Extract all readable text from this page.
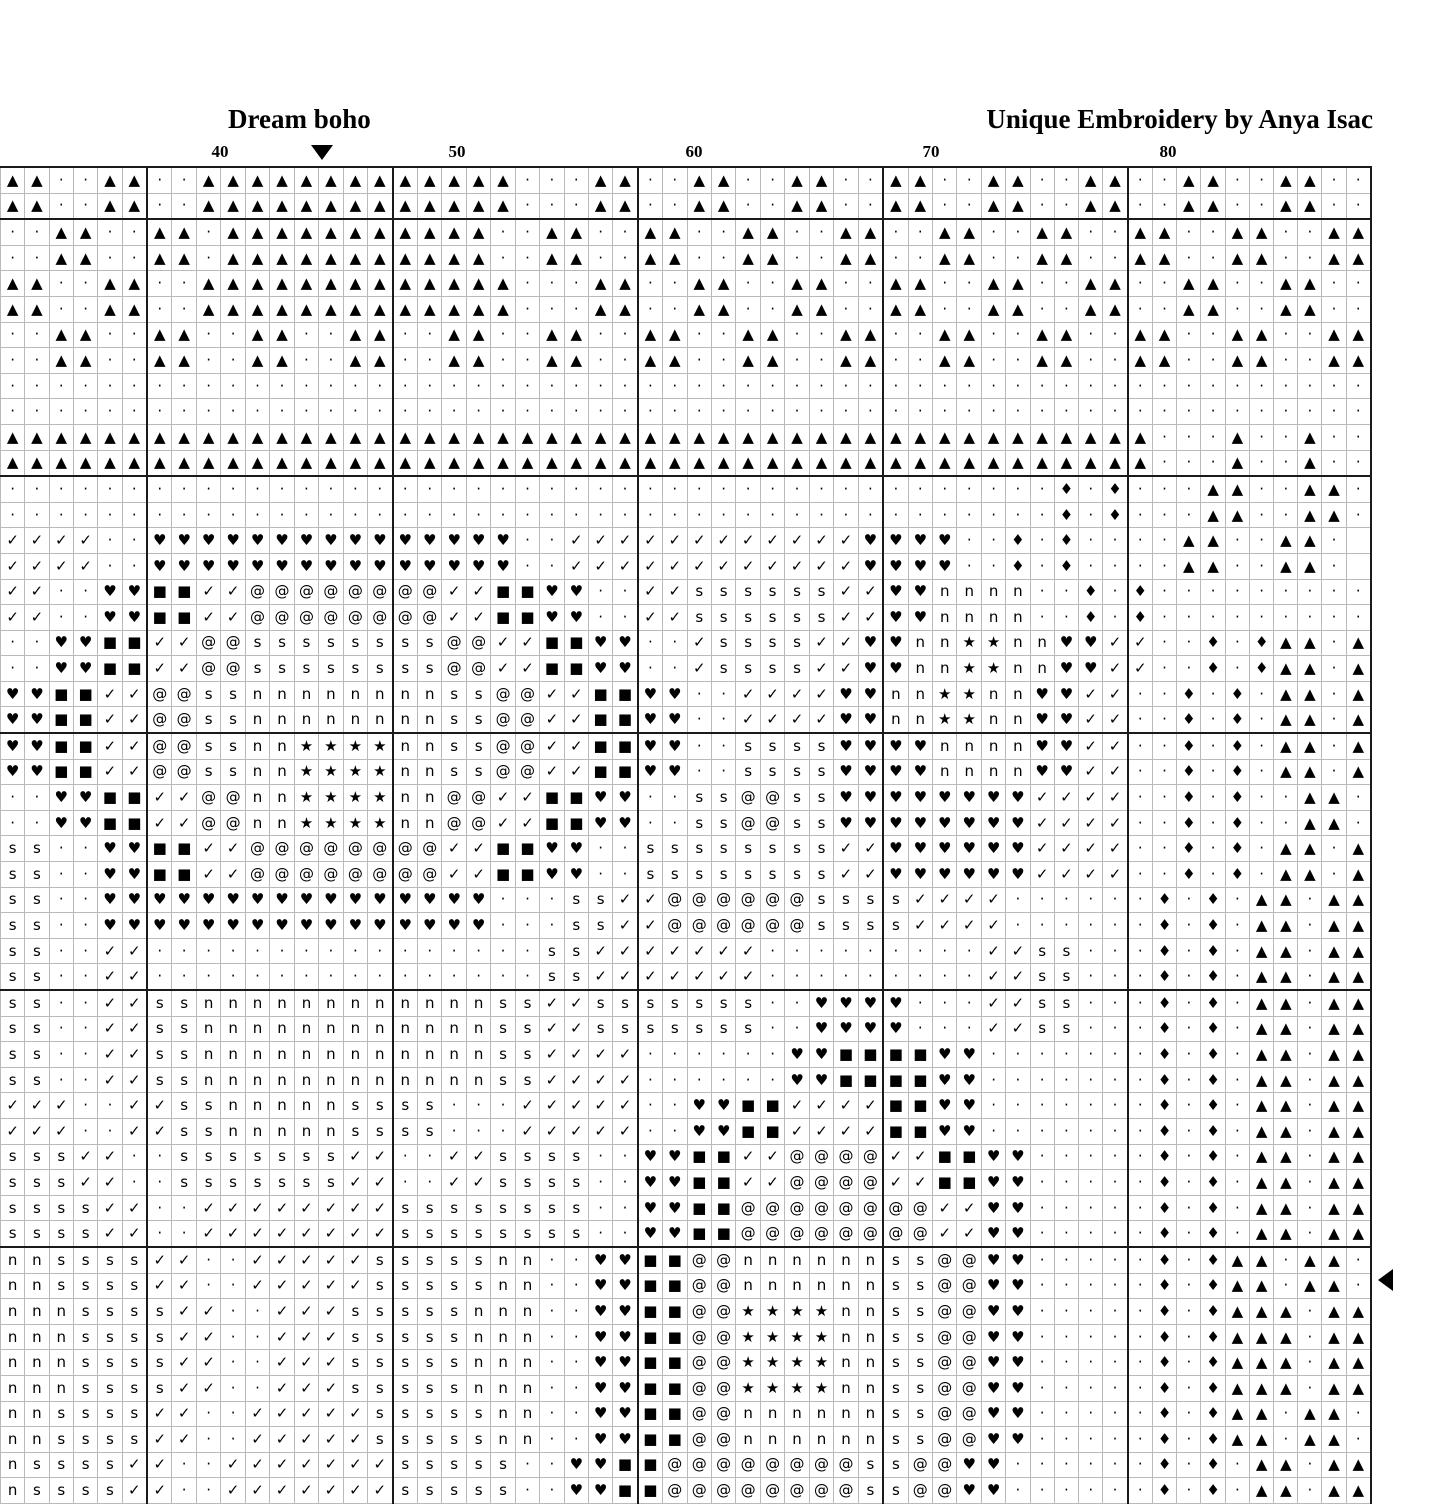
Dream boho	Unique Embroidery by Anya Isac
40	50	60	70	80
▲	▲	·	·	▲	▲	·	·	▲	▲	▲	▲	▲	▲	▲	▲	▲	▲	▲	▲	▲	·	·	·	▲	▲	·	·	▲	▲	·	·	▲	▲	·	·	▲	▲	·	·	▲	▲	·	·	▲	▲	·	·	▲	▲	·	·	▲	▲	·	·
▲	▲	·	·	▲	▲	·	·	▲	▲	▲	▲	▲	▲	▲	▲	▲	▲	▲	▲	▲	·	·	·	▲	▲	·	·	▲	▲	·	·	▲	▲	·	·	▲	▲	·	·	▲	▲	·	·	▲	▲	·	·	▲	▲	·	·	▲	▲	·	·
·	·	▲	▲	·	·	▲	▲	·	▲	▲	▲	▲	▲	▲	▲	▲	▲	▲	▲	·	·	▲	▲	·	·	▲	▲	·	·	▲	▲	·	·	▲	▲	·	·	▲	▲	·	·	▲	▲	·	·	▲	▲	·	·	▲	▲	·	·	▲	▲
·	·	▲	▲	·	·	▲	▲	·	▲	▲	▲	▲	▲	▲	▲	▲	▲	▲	▲	·	·	▲	▲	·	·	▲	▲	·	·	▲	▲	·	·	▲	▲	·	·	▲	▲	·	·	▲	▲	·	·	▲	▲	·	·	▲	▲	·	·	▲	▲
▲	▲	·	·	▲	▲	·	·	▲	▲	▲	▲	▲	▲	▲	▲	▲	▲	▲	▲	▲	·	·	·	▲	▲	·	·	▲	▲	·	·	▲	▲	·	·	▲	▲	·	·	▲	▲	·	·	▲	▲	·	·	▲	▲	·	·	▲	▲	·	·
▲	▲	·	·	▲	▲	·	·	▲	▲	▲	▲	▲	▲	▲	▲	▲	▲	▲	▲	▲	·	·	·	▲	▲	·	·	▲	▲	·	·	▲	▲	·	·	▲	▲	·	·	▲	▲	·	·	▲	▲	·	·	▲	▲	·	·	▲	▲	·	·
·	·	▲	▲	·	·	▲	▲	·	·	▲	▲	·	·	▲	▲	·	·	▲	▲	·	·	▲	▲	·	·	▲	▲	·	·	▲	▲	·	·	▲	▲	·	·	▲	▲	·	·	▲	▲	·	·	▲	▲	·	·	▲	▲	·	·	▲	▲
·	·	▲	▲	·	·	▲	▲	·	·	▲	▲	·	·	▲	▲	·	·	▲	▲	·	·	▲	▲	·	·	▲	▲	·	·	▲	▲	·	·	▲	▲	·	·	▲	▲	·	·	▲	▲	·	·	▲	▲	·	·	▲	▲	·	·	▲	▲
·	·	·	·	·	·	·	·	·	·	·	·	·	·	·	·	·	·	·	·	·	·	·	·	·	·	·	·	·	·	·	·	·	·	·	·	·	·	·	·	·	·	·	·	·	·	·	·	·	·	·	·	·	·	·	·
·	·	·	·	·	·	·	·	·	·	·	·	·	·	·	·	·	·	·	·	·	·	·	·	·	·	·	·	·	·	·	·	·	·	·	·	·	·	·	·	·	·	·	·	·	·	·	·	·	·	·	·	·	·	·	·
▲	▲	▲	▲	▲	▲	▲	▲	▲	▲	▲	▲	▲	▲	▲	▲	▲	▲	▲	▲	▲	▲	▲	▲	▲	▲	▲	▲	▲	▲	▲	▲	▲	▲	▲	▲	▲	▲	▲	▲	▲	▲	▲	▲	▲	▲	▲	·	·	·	▲	·	·	▲	·	·
▲	▲	▲	▲	▲	▲	▲	▲	▲	▲	▲	▲	▲	▲	▲	▲	▲	▲	▲	▲	▲	▲	▲	▲	▲	▲	▲	▲	▲	▲	▲	▲	▲	▲	▲	▲	▲	▲	▲	▲	▲	▲	▲	▲	▲	▲	▲	·	·	·	▲	·	·	▲	·	·
·	·	·	·	·	·	·	·	·	·	·	·	·	·	·	·	·	·	·	·	·	·	·	·	·	·	·	·	·	·	·	·	·	·	·	·	·	·	·	·	·	·	·	♦	·	♦	·	·	·	▲	▲	·	·	▲	▲	·
·	·	·	·	·	·	·	·	·	·	·	·	·	·	·	·	·	·	·	·	·	·	·	·	·	·	·	·	·	·	·	·	·	·	·	·	·	·	·	·	·	·	·	♦	·	♦	·	·	·	▲	▲	·	·	▲	▲	·
✓	✓	✓	✓	·	·	♥	♥	♥	♥	♥	♥	♥	♥	♥	♥	♥	♥	♥	♥	♥	·	·	✓	✓	✓	✓	✓	✓	✓	✓	✓	✓	✓	✓	♥	♥	♥	♥	·	·	♦	·	♦	·	·	·	·	▲	▲	·	·	▲	▲	·	
✓	✓	✓	✓	·	·	♥	♥	♥	♥	♥	♥	♥	♥	♥	♥	♥	♥	♥	♥	♥	·	·	✓	✓	✓	✓	✓	✓	✓	✓	✓	✓	✓	✓	♥	♥	♥	♥	·	·	♦	·	♦	·	·	·	·	▲	▲	·	·	▲	▲	·	
✓	✓	·	·	♥	♥	■	■	✓	✓	@	@	@	@	@	@	@	@	✓	✓	■	■	♥	♥	·	·	✓	✓	s	s	s	s	s	s	✓	✓	♥	♥	n	n	n	n	·	·	♦	·	♦	·	·	·	·	·	·	·	·	·
✓	✓	·	·	♥	♥	■	■	✓	✓	@	@	@	@	@	@	@	@	✓	✓	■	■	♥	♥	·	·	✓	✓	s	s	s	s	s	s	✓	✓	♥	♥	n	n	n	n	·	·	♦	·	♦	·	·	·	·	·	·	·	·	·
·	·	♥	♥	■	■	✓	✓	@	@	s	s	s	s	s	s	s	s	@	@	✓	✓	■	■	♥	♥	·	·	✓	s	s	s	s	✓	✓	♥	♥	n	n	★	★	n	n	♥	♥	✓	✓	·	·	♦	·	♦	▲	▲	·	▲
·	·	♥	♥	■	■	✓	✓	@	@	s	s	s	s	s	s	s	s	@	@	✓	✓	■	■	♥	♥	·	·	✓	s	s	s	s	✓	✓	♥	♥	n	n	★	★	n	n	♥	♥	✓	✓	·	·	♦	·	♦	▲	▲	·	▲
♥	♥	■	■	✓	✓	@	@	s	s	n	n	n	n	n	n	n	n	s	s	@	@	✓	✓	■	■	♥	♥	·	·	✓	✓	✓	✓	♥	♥	n	n	★	★	n	n	♥	♥	✓	✓	·	·	♦	·	♦	·	▲	▲	·	▲
♥	♥	■	■	✓	✓	@	@	s	s	n	n	n	n	n	n	n	n	s	s	@	@	✓	✓	■	■	♥	♥	·	·	✓	✓	✓	✓	♥	♥	n	n	★	★	n	n	♥	♥	✓	✓	·	·	♦	·	♦	·	▲	▲	·	▲
♥	♥	■	■	✓	✓	@	@	s	s	n	n	★	★	★	★	n	n	s	s	@	@	✓	✓	■	■	♥	♥	·	·	s	s	s	s	♥	♥	♥	♥	n	n	n	n	♥	♥	✓	✓	·	·	♦	·	♦	·	▲	▲	·	▲
♥	♥	■	■	✓	✓	@	@	s	s	n	n	★	★	★	★	n	n	s	s	@	@	✓	✓	■	■	♥	♥	·	·	s	s	s	s	♥	♥	♥	♥	n	n	n	n	♥	♥	✓	✓	·	·	♦	·	♦	·	▲	▲	·	▲
·	·	♥	♥	■	■	✓	✓	@	@	n	n	★	★	★	★	n	n	@	@	✓	✓	■	■	♥	♥	·	·	s	s	@	@	s	s	♥	♥	♥	♥	♥	♥	♥	♥	✓	✓	✓	✓	·	·	♦	·	♦	·	·	▲	▲	·
·	·	♥	♥	■	■	✓	✓	@	@	n	n	★	★	★	★	n	n	@	@	✓	✓	■	■	♥	♥	·	·	s	s	@	@	s	s	♥	♥	♥	♥	♥	♥	♥	♥	✓	✓	✓	✓	·	·	♦	·	♦	·	·	▲	▲	·
s	s	·	·	♥	♥	■	■	✓	✓	@	@	@	@	@	@	@	@	✓	✓	■	■	♥	♥	·	·	s	s	s	s	s	s	s	s	✓	✓	♥	♥	♥	♥	♥	♥	✓	✓	✓	✓	·	·	♦	·	♦	·	▲	▲	·	▲
s	s	·	·	♥	♥	■	■	✓	✓	@	@	@	@	@	@	@	@	✓	✓	■	■	♥	♥	·	·	s	s	s	s	s	s	s	s	✓	✓	♥	♥	♥	♥	♥	♥	✓	✓	✓	✓	·	·	♦	·	♦	·	▲	▲	·	▲
s	s	·	·	♥	♥	♥	♥	♥	♥	♥	♥	♥	♥	♥	♥	♥	♥	♥	♥	·	·	·	s	s	✓	✓	@	@	@	@	@	@	s	s	s	s	✓	✓	✓	✓	·	·	·	·	·	·	♦	·	♦	·	▲	▲	·	▲	▲
s	s	·	·	♥	♥	♥	♥	♥	♥	♥	♥	♥	♥	♥	♥	♥	♥	♥	♥	·	·	·	s	s	✓	✓	@	@	@	@	@	@	s	s	s	s	✓	✓	✓	✓	·	·	·	·	·	·	♦	·	♦	·	▲	▲	·	▲	▲
s	s	·	·	✓	✓	·	·	·	·	·	·	·	·	·	·	·	·	·	·	·	·	s	s	✓	✓	✓	✓	✓	✓	✓	·	·	·	·	·	·	·	·	·	✓	✓	s	s	·	·	·	♦	·	♦	·	▲	▲	·	▲	▲
s	s	·	·	✓	✓	·	·	·	·	·	·	·	·	·	·	·	·	·	·	·	·	s	s	✓	✓	✓	✓	✓	✓	✓	·	·	·	·	·	·	·	·	·	✓	✓	s	s	·	·	·	♦	·	♦	·	▲	▲	·	▲	▲
s	s	·	·	✓	✓	s	s	n	n	n	n	n	n	n	n	n	n	n	n	s	s	✓	✓	s	s	s	s	s	s	s	·	·	♥	♥	♥	♥	·	·	·	✓	✓	s	s	·	·	·	♦	·	♦	·	▲	▲	·	▲	▲
s	s	·	·	✓	✓	s	s	n	n	n	n	n	n	n	n	n	n	n	n	s	s	✓	✓	s	s	s	s	s	s	s	·	·	♥	♥	♥	♥	·	·	·	✓	✓	s	s	·	·	·	♦	·	♦	·	▲	▲	·	▲	▲
s	s	·	·	✓	✓	s	s	n	n	n	n	n	n	n	n	n	n	n	n	s	s	✓	✓	✓	✓	·	·	·	·	·	·	♥	♥	■	■	■	■	♥	♥	·	·	·	·	·	·	·	♦	·	♦	·	▲	▲	·	▲	▲
s	s	·	·	✓	✓	s	s	n	n	n	n	n	n	n	n	n	n	n	n	s	s	✓	✓	✓	✓	·	·	·	·	·	·	♥	♥	■	■	■	■	♥	♥	·	·	·	·	·	·	·	♦	·	♦	·	▲	▲	·	▲	▲
✓	✓	✓	·	·	✓	✓	s	s	n	n	n	n	n	s	s	s	s	·	·	·	✓	✓	✓	✓	✓	·	·	♥	♥	■	■	✓	✓	✓	✓	■	■	♥	♥	·	·	·	·	·	·	·	♦	·	♦	·	▲	▲	·	▲	▲
✓	✓	✓	·	·	✓	✓	s	s	n	n	n	n	n	s	s	s	s	·	·	·	✓	✓	✓	✓	✓	·	·	♥	♥	■	■	✓	✓	✓	✓	■	■	♥	♥	·	·	·	·	·	·	·	♦	·	♦	·	▲	▲	·	▲	▲
s	s	s	✓	✓	·	·	s	s	s	s	s	s	s	✓	✓	·	·	✓	✓	s	s	s	s	·	·	♥	♥	■	■	✓	✓	@	@	@	@	✓	✓	■	■	♥	♥	·	·	·	·	·	♦	·	♦	·	▲	▲	·	▲	▲
s	s	s	✓	✓	·	·	s	s	s	s	s	s	s	✓	✓	·	·	✓	✓	s	s	s	s	·	·	♥	♥	■	■	✓	✓	@	@	@	@	✓	✓	■	■	♥	♥	·	·	·	·	·	♦	·	♦	·	▲	▲	·	▲	▲
s	s	s	s	✓	✓	·	·	✓	✓	✓	✓	✓	✓	✓	✓	s	s	s	s	s	s	s	s	·	·	♥	♥	■	■	@	@	@	@	@	@	@	@	✓	✓	♥	♥	·	·	·	·	·	♦	·	♦	·	▲	▲	·	▲	▲
s	s	s	s	✓	✓	·	·	✓	✓	✓	✓	✓	✓	✓	✓	s	s	s	s	s	s	s	s	·	·	♥	♥	■	■	@	@	@	@	@	@	@	@	✓	✓	♥	♥	·	·	·	·	·	♦	·	♦	·	▲	▲	·	▲	▲
n	n	s	s	s	s	✓	✓	·	·	✓	✓	✓	✓	✓	s	s	s	s	s	n	n	·	·	♥	♥	■	■	@	@	n	n	n	n	n	n	s	s	@	@	♥	♥	·	·	·	·	·	♦	·	♦	▲	▲	·	▲	▲	·
n	n	s	s	s	s	✓	✓	·	·	✓	✓	✓	✓	✓	s	s	s	s	s	n	n	·	·	♥	♥	■	■	@	@	n	n	n	n	n	n	s	s	@	@	♥	♥	·	·	·	·	·	♦	·	♦	▲	▲	·	▲	▲	·
n	n	n	s	s	s	s	✓	✓	·	·	✓	✓	✓	s	s	s	s	s	n	n	n	·	·	♥	♥	■	■	@	@	★	★	★	★	n	n	s	s	@	@	♥	♥	·	·	·	·	·	♦	·	♦	▲	▲	▲	·	▲	▲
n	n	n	s	s	s	s	✓	✓	·	·	✓	✓	✓	s	s	s	s	s	n	n	n	·	·	♥	♥	■	■	@	@	★	★	★	★	n	n	s	s	@	@	♥	♥	·	·	·	·	·	♦	·	♦	▲	▲	▲	·	▲	▲
n	n	n	s	s	s	s	✓	✓	·	·	✓	✓	✓	s	s	s	s	s	n	n	n	·	·	♥	♥	■	■	@	@	★	★	★	★	n	n	s	s	@	@	♥	♥	·	·	·	·	·	♦	·	♦	▲	▲	▲	·	▲	▲
n	n	n	s	s	s	s	✓	✓	·	·	✓	✓	✓	s	s	s	s	s	n	n	n	·	·	♥	♥	■	■	@	@	★	★	★	★	n	n	s	s	@	@	♥	♥	·	·	·	·	·	♦	·	♦	▲	▲	▲	·	▲	▲
n	n	s	s	s	s	✓	✓	·	·	✓	✓	✓	✓	✓	s	s	s	s	s	n	n	·	·	♥	♥	■	■	@	@	n	n	n	n	n	n	s	s	@	@	♥	♥	·	·	·	·	·	♦	·	♦	▲	▲	·	▲	▲	·
n	n	s	s	s	s	✓	✓	·	·	✓	✓	✓	✓	✓	s	s	s	s	s	n	n	·	·	♥	♥	■	■	@	@	n	n	n	n	n	n	s	s	@	@	♥	♥	·	·	·	·	·	♦	·	♦	▲	▲	·	▲	▲	·
n	s	s	s	s	✓	✓	·	·	✓	✓	✓	✓	✓	✓	✓	s	s	s	s	s	·	·	♥	♥	■	■	@	@	@	@	@	@	@	@	s	s	@	@	♥	♥	·	·	·	·	·	·	♦	·	♦	·	▲	▲	·	▲	▲
n	s	s	s	s	✓	✓	·	·	✓	✓	✓	✓	✓	✓	✓	s	s	s	s	s	·	·	♥	♥	■	■	@	@	@	@	@	@	@	@	s	s	@	@	♥	♥	·	·	·	·	·	·	♦	·	♦	·	▲	▲	·	▲	▲
